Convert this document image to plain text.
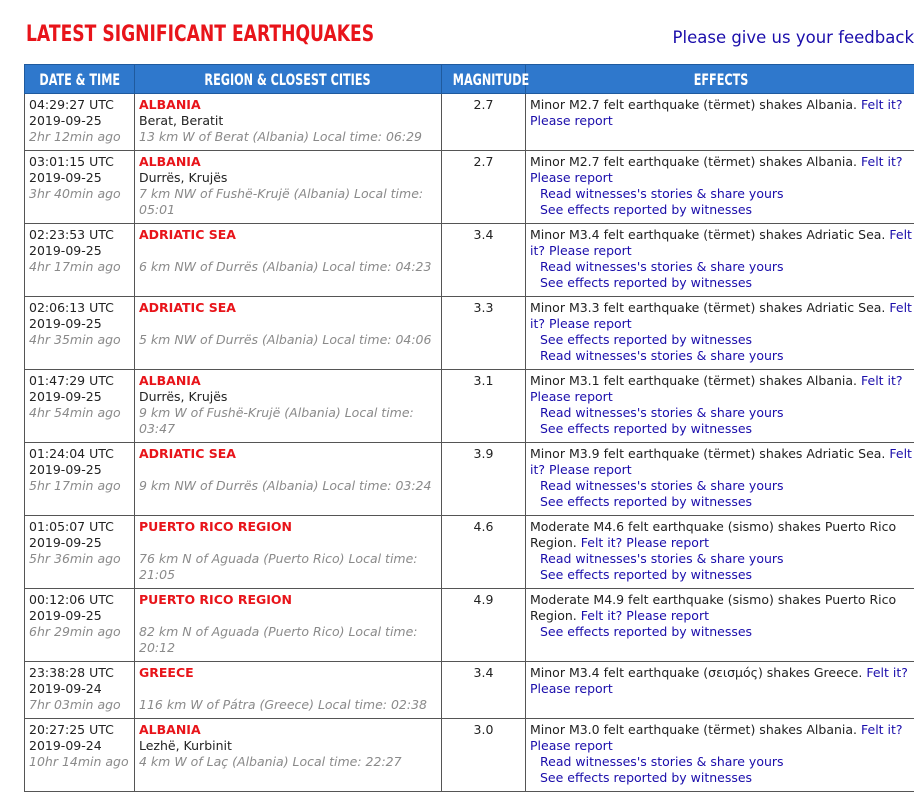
LATEST SIGNIFICANT EARTHQUAKES	Please give us your feedback
DATE & TIME	REGION & CLOSEST CITIES	MAGNITUDE	EFFECTS

04:29:27 UTC
2019-09-25
2hr 12min ago	ALBANIA
Berat, Beratit
13 km W of Berat (Albania) Local time: 06:29	2.7	Minor M2.7 felt earthquake (tërmet) shakes Albania. Felt it? Please report

03:01:15 UTC
2019-09-25
3hr 40min ago	ALBANIA
Durrës, Krujës
7 km NW of Fushë-Krujë (Albania) Local time: 05:01	2.7	Minor M2.7 felt earthquake (tërmet) shakes Albania. Felt it? Please report
Read witnesses's stories & share yours
See effects reported by witnesses

02:23:53 UTC
2019-09-25
4hr 17min ago	ADRIATIC SEA
6 km NW of Durrës (Albania) Local time: 04:23	3.4	Minor M3.4 felt earthquake (tërmet) shakes Adriatic Sea. Felt it? Please report
Read witnesses's stories & share yours
See effects reported by witnesses

02:06:13 UTC
2019-09-25
4hr 35min ago	ADRIATIC SEA
5 km NW of Durrës (Albania) Local time: 04:06	3.3	Minor M3.3 felt earthquake (tërmet) shakes Adriatic Sea. Felt it? Please report
See effects reported by witnesses
Read witnesses's stories & share yours

01:47:29 UTC
2019-09-25
4hr 54min ago	ALBANIA
Durrës, Krujës
9 km W of Fushë-Krujë (Albania) Local time: 03:47	3.1	Minor M3.1 felt earthquake (tërmet) shakes Albania. Felt it? Please report
Read witnesses's stories & share yours
See effects reported by witnesses

01:24:04 UTC
2019-09-25
5hr 17min ago	ADRIATIC SEA
9 km NW of Durrës (Albania) Local time: 03:24	3.9	Minor M3.9 felt earthquake (tërmet) shakes Adriatic Sea. Felt it? Please report
Read witnesses's stories & share yours
See effects reported by witnesses

01:05:07 UTC
2019-09-25
5hr 36min ago	PUERTO RICO REGION
76 km N of Aguada (Puerto Rico) Local time: 21:05	4.6	Moderate M4.6 felt earthquake (sismo) shakes Puerto Rico Region. Felt it? Please report
Read witnesses's stories & share yours
See effects reported by witnesses

00:12:06 UTC
2019-09-25
6hr 29min ago	PUERTO RICO REGION
82 km N of Aguada (Puerto Rico) Local time: 20:12	4.9	Moderate M4.9 felt earthquake (sismo) shakes Puerto Rico Region. Felt it? Please report
See effects reported by witnesses

23:38:28 UTC
2019-09-24
7hr 03min ago	GREECE
116 km W of Pátra (Greece) Local time: 02:38	3.4	Minor M3.4 felt earthquake (σεισμός) shakes Greece. Felt it? Please report

20:27:25 UTC
2019-09-24
10hr 14min ago	ALBANIA
Lezhë, Kurbinit
4 km W of Laç (Albania) Local time: 22:27	3.0	Minor M3.0 felt earthquake (tërmet) shakes Albania. Felt it? Please report
Read witnesses's stories & share yours
See effects reported by witnesses
